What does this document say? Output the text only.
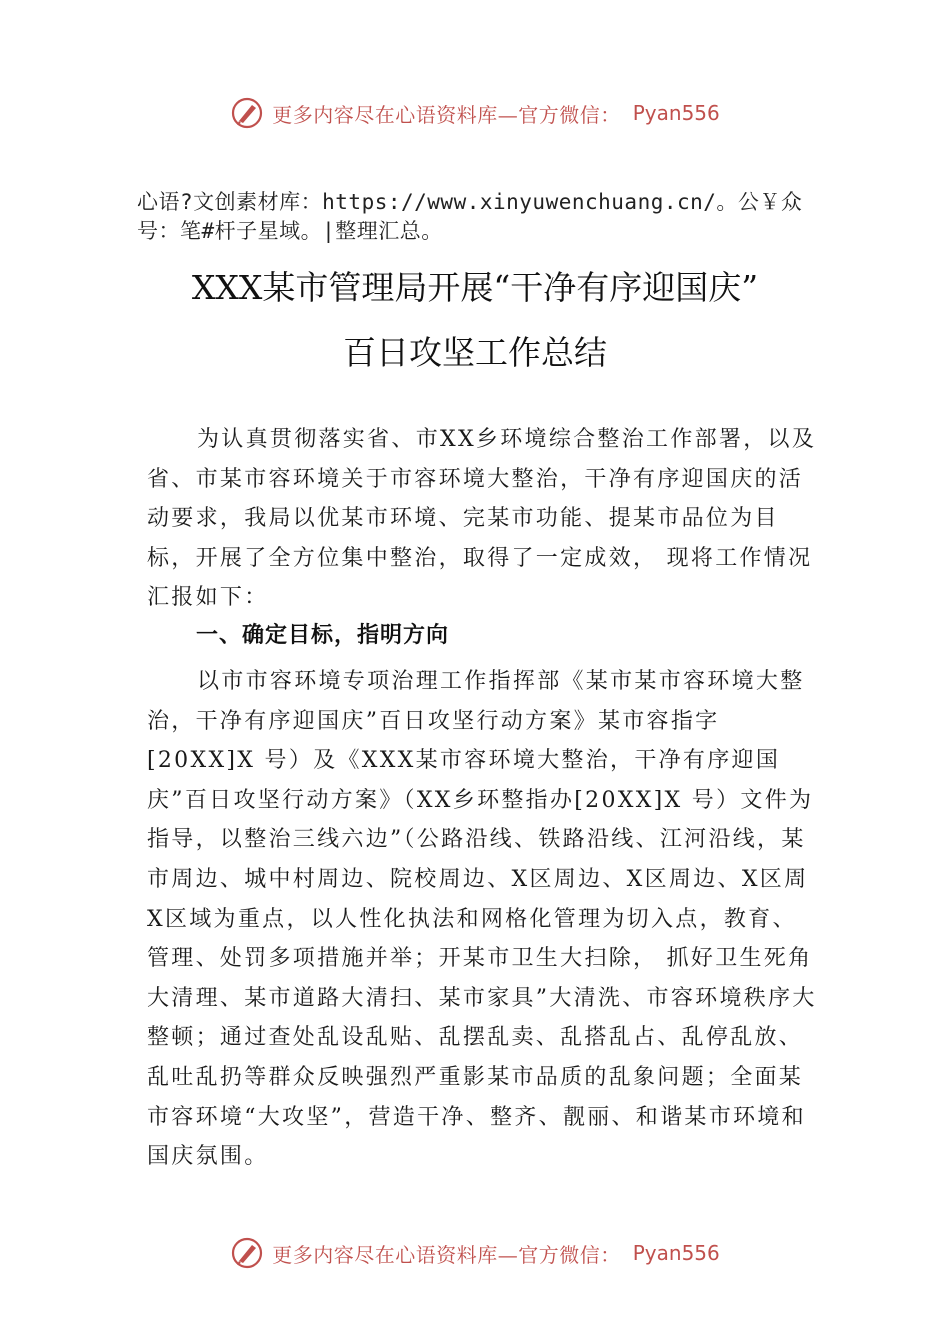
更多内容尽在心语资料库—官方微信： Pyan556
心语?文创素材库：https://www.xinyuwenchuang.cn/。公￥众号：笔#杆子星域。|整理汇总。
XXX某市管理局开展“干净有序迎国庆”
百日攻坚工作总结
为认真贯彻落实省、市XX乡环境综合整治工作部署，以及省、市某市容环境关于市容环境大整治，干净有序迎国庆的活动要求，我局以优某市环境、完某市功能、提某市品位为目标，开展了全方位集中整治，取得了一定成效， 现将工作情况汇报如下：
一、确定目标，指明方向
以市市容环境专项治理工作指挥部《某市某市容环境大整治，干净有序迎国庆”百日攻坚行动方案》某市容指字[20XX]X 号）及《XXX某市容环境大整治，干净有序迎国庆”百日攻坚行动方案》（XX乡环整指办[20XX]X 号）文件为指导，以整治三线六边”（公路沿线、铁路沿线、江河沿线，某市周边、城中村周边、院校周边、X区周边、X区周边、X区周X区域为重点，以人性化执法和网格化管理为切入点，教育、管理、处罚多项措施并举；开某市卫生大扫除， 抓好卫生死角大清理、某市道路大清扫、某市家具”大清洗、市容环境秩序大整顿；通过查处乱设乱贴、乱摆乱卖、乱搭乱占、乱停乱放、乱吐乱扔等群众反映强烈严重影某市品质的乱象问题；全面某市容环境“大攻坚”，营造干净、整齐、靓丽、和谐某市环境和国庆氛围。
更多内容尽在心语资料库—官方微信： Pyan556
